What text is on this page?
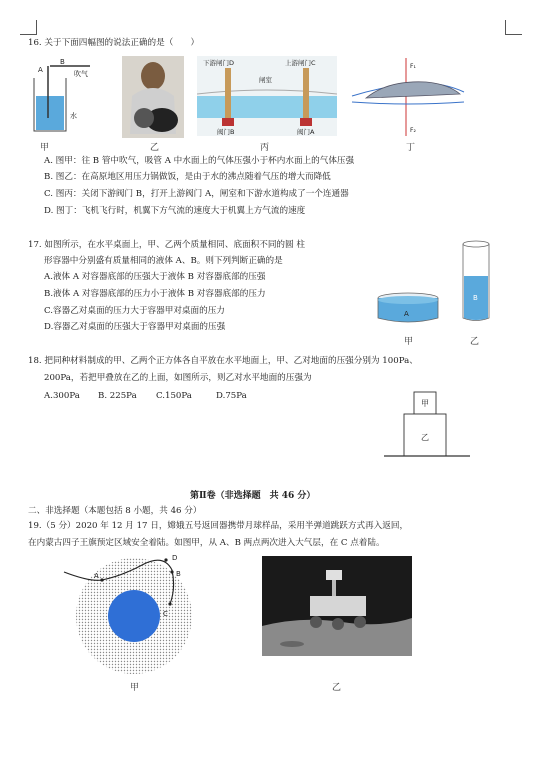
16. 关于下面四幅图的说法正确的是（　　）
B
A	吹气
水
下游闸门D	上游闸门C
闸室
阀门B	阀门A
F₁
F₂
甲	乙	丙	丁
A. 图甲：往 B 管中吹气，吸管 A 中水面上的气体压强小于杯内水面上的气体压强
B. 图乙：在高原地区用压力锅做饭，是由于水的沸点随着气压的增大而降低
C. 图丙：关闭下游阀门 B，打开上游阀门 A，闸室和下游水道构成了一个连通器
D. 图丁：飞机飞行时，机翼下方气流的速度大于机翼上方气流的速度
17. 如图所示，在水平桌面上，甲、乙两个质量相同、底面积不同的圆 柱
形容器中分别盛有质量相同的液体 A、B。则下列判断正确的是
A.液体 A 对容器底部的压强大于液体 B 对容器底部的压强
B.液体 A 对容器底部的压力小于液体 B 对容器底部的压力
C.容器乙对桌面的压力大于容器甲对桌面的压力
D.容器乙对桌面的压强大于容器甲对桌面的压强
A
B
甲	乙
18. 把同种材料制成的甲、乙两个正方体各自平放在水平地面上，甲、乙对地面的压强分别为 100Pa、
200Pa，若把甲叠放在乙的上面，如图所示，则乙对水平地面的压强为
A.300Pa B. 225Pa C.150Pa	D.75Pa
甲
乙
第Ⅱ卷（非选择题　共 46 分）
二、非选择题（本题包括 8 小题，共 46 分）
19.（5 分）2020 年 12 月 17 日，嫦娥五号返回器携带月球样品，采用半弹道跳跃方式再入返回，
在内蒙古四子王旗预定区域安全着陆。如图甲，从 A、B 两点两次进入大气层，在 C 点着陆。
A	B
C
D
甲	乙
